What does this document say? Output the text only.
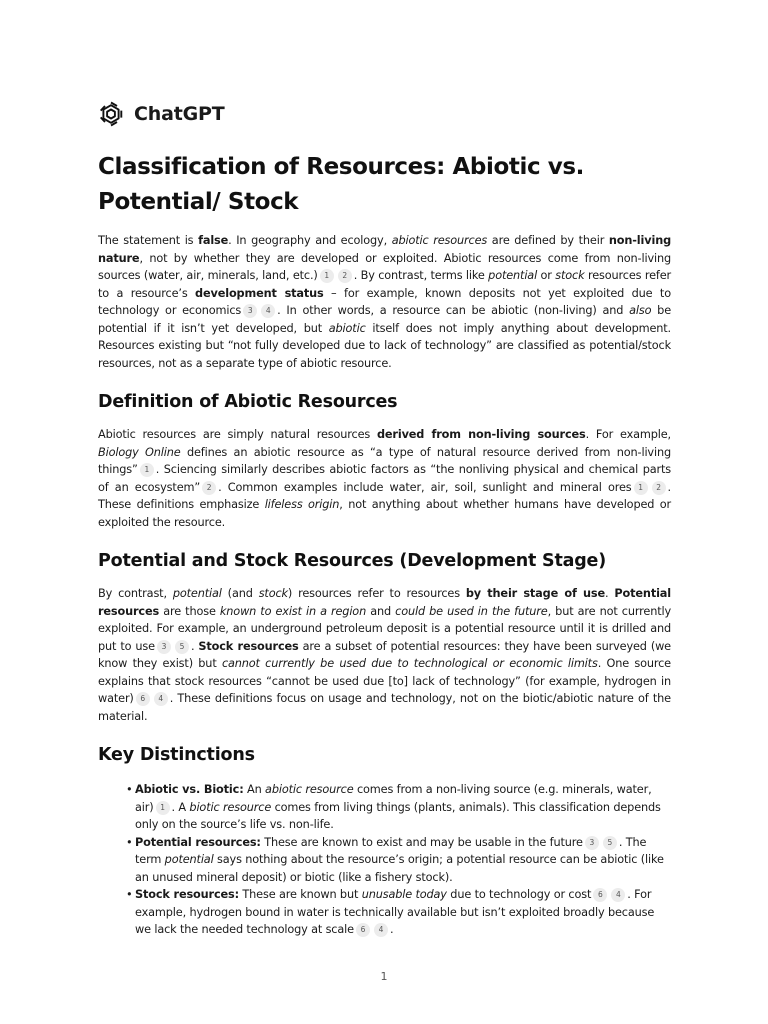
ChatGPT
Classification of Resources: Abiotic vs. Potential/ Stock

The statement is false. In geography and ecology, abiotic resources are defined by their non-living nature, not by whether they are developed or exploited. Abiotic resources come from non-living sources (water, air, minerals, land, etc.) 1 2 . By contrast, terms like potential or stock resources refer to a resource’s development status – for example, known deposits not yet exploited due to technology or economics 3 4 . In other words, a resource can be abiotic (non-living) and also be potential if it isn’t yet developed, but abiotic itself does not imply anything about development. Resources existing but “not fully developed due to lack of technology” are classified as potential/stock resources, not as a separate type of abiotic resource.

Definition of Abiotic Resources

Abiotic resources are simply natural resources derived from non-living sources. For example, Biology Online defines an abiotic resource as “a type of natural resource derived from non-living things” 1 . Sciencing similarly describes abiotic factors as “the nonliving physical and chemical parts of an ecosystem” 2 . Common examples include water, air, soil, sunlight and mineral ores 1 2 . These definitions emphasize lifeless origin, not anything about whether humans have developed or exploited the resource.

Potential and Stock Resources (Development Stage)

By contrast, potential (and stock) resources refer to resources by their stage of use. Potential resources are those known to exist in a region and could be used in the future, but are not currently exploited. For example, an underground petroleum deposit is a potential resource until it is drilled and put to use 3 5 . Stock resources are a subset of potential resources: they have been surveyed (we know they exist) but cannot currently be used due to technological or economic limits. One source explains that stock resources “cannot be used due [to] lack of technology” (for example, hydrogen in water) 6 4 . These definitions focus on usage and technology, not on the biotic/abiotic nature of the material.

Key Distinctions
• Abiotic vs. Biotic: An abiotic resource comes from a non-living source (e.g. minerals, water, air) 1 . A biotic resource comes from living things (plants, animals). This classification depends only on the source’s life vs. non-life.
• Potential resources: These are known to exist and may be usable in the future 3 5 . The term potential says nothing about the resource’s origin; a potential resource can be abiotic (like an unused mineral deposit) or biotic (like a fishery stock).
• Stock resources: These are known but unusable today due to technology or cost 6 4 . For example, hydrogen bound in water is technically available but isn’t exploited broadly because we lack the needed technology at scale 6 4 .
1
